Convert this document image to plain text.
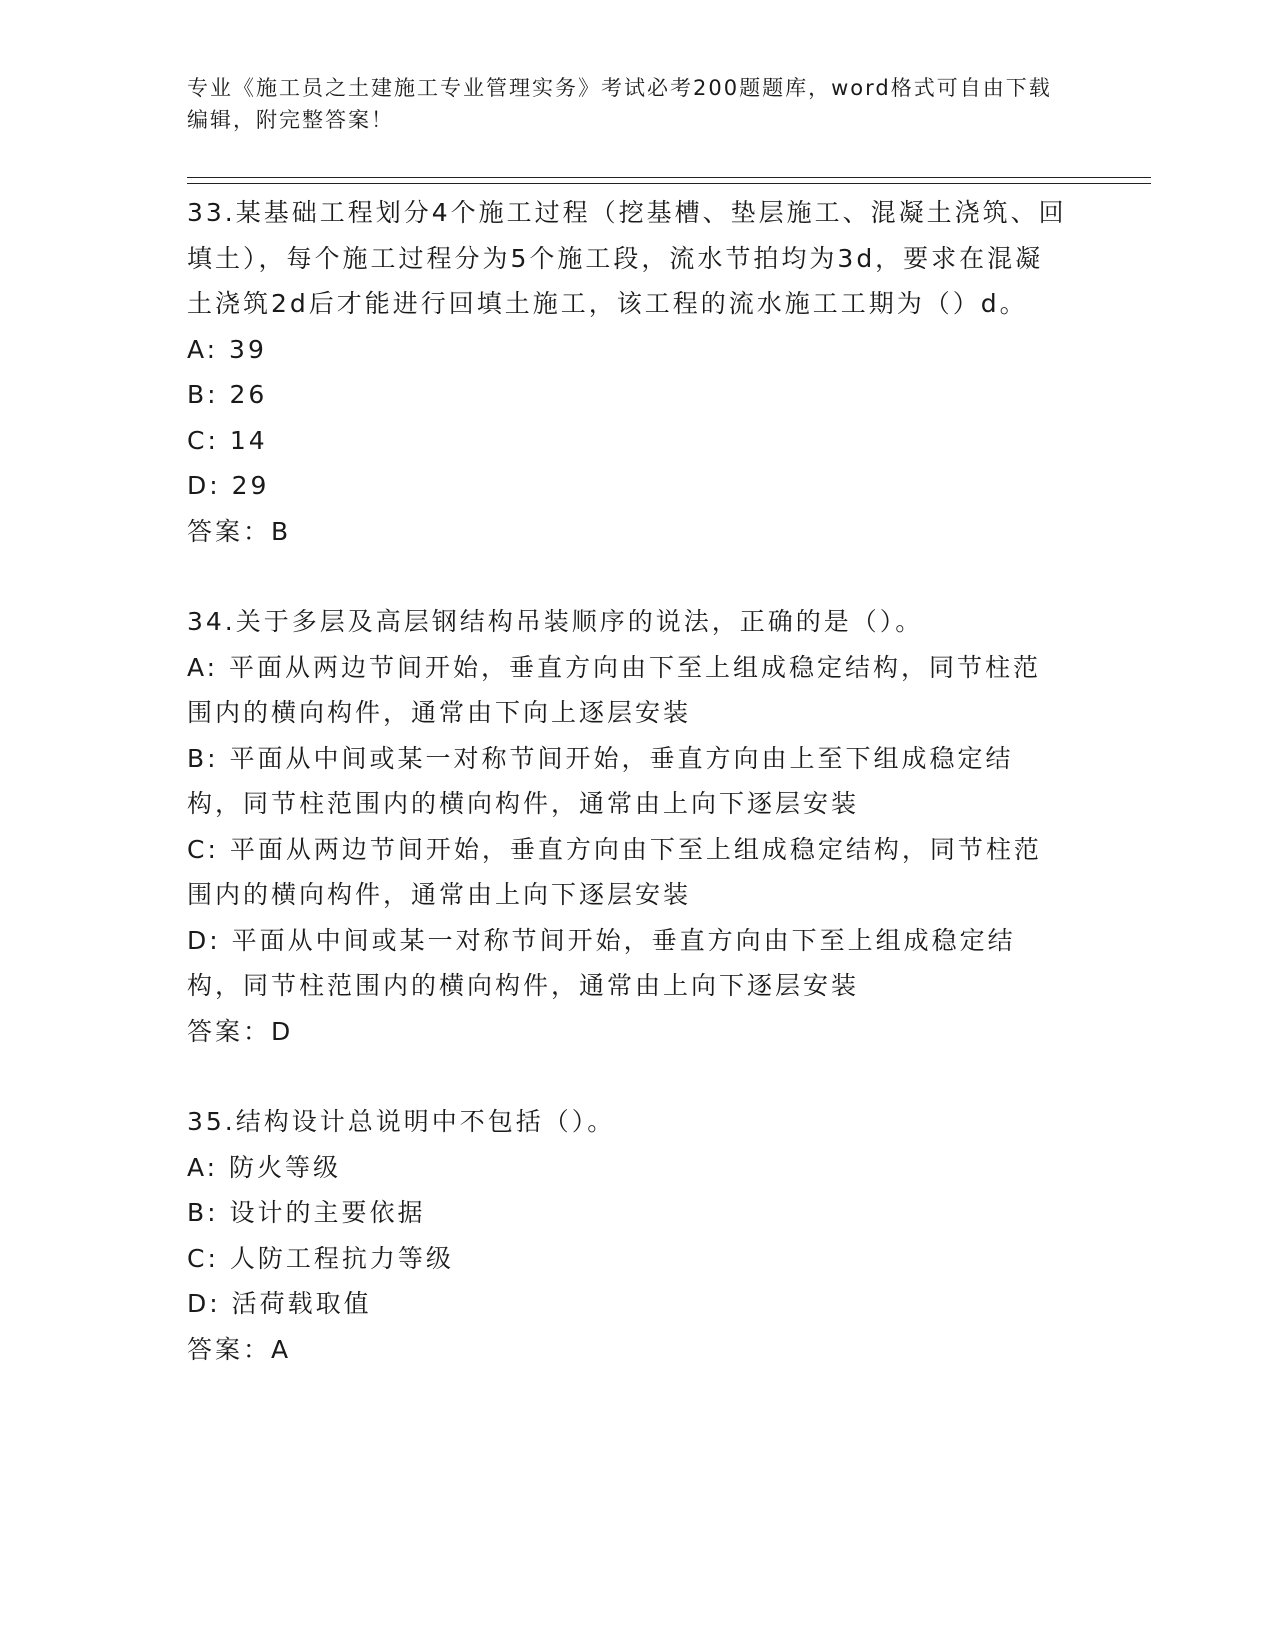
专业《施工员之土建施工专业管理实务》考试必考200题题库，word格式可自由下载编辑，附完整答案！

33.某基础工程划分4个施工过程（挖基槽、垫层施工、混凝土浇筑、回填土），每个施工过程分为5个施工段，流水节拍均为3d，要求在混凝土浇筑2d后才能进行回填土施工，该工程的流水施工工期为（）d。

A: 39

B: 26

C: 14

D: 29

答案：B

34.关于多层及高层钢结构吊装顺序的说法，正确的是（）。

A: 平面从两边节间开始，垂直方向由下至上组成稳定结构，同节柱范围内的横向构件，通常由下向上逐层安装

B: 平面从中间或某一对称节间开始，垂直方向由上至下组成稳定结构，同节柱范围内的横向构件，通常由上向下逐层安装

C: 平面从两边节间开始，垂直方向由下至上组成稳定结构，同节柱范围内的横向构件，通常由上向下逐层安装

D: 平面从中间或某一对称节间开始，垂直方向由下至上组成稳定结构，同节柱范围内的横向构件，通常由上向下逐层安装

答案：D

35.结构设计总说明中不包括（）。

A: 防火等级

B: 设计的主要依据

C: 人防工程抗力等级

D: 活荷载取值

答案：A
